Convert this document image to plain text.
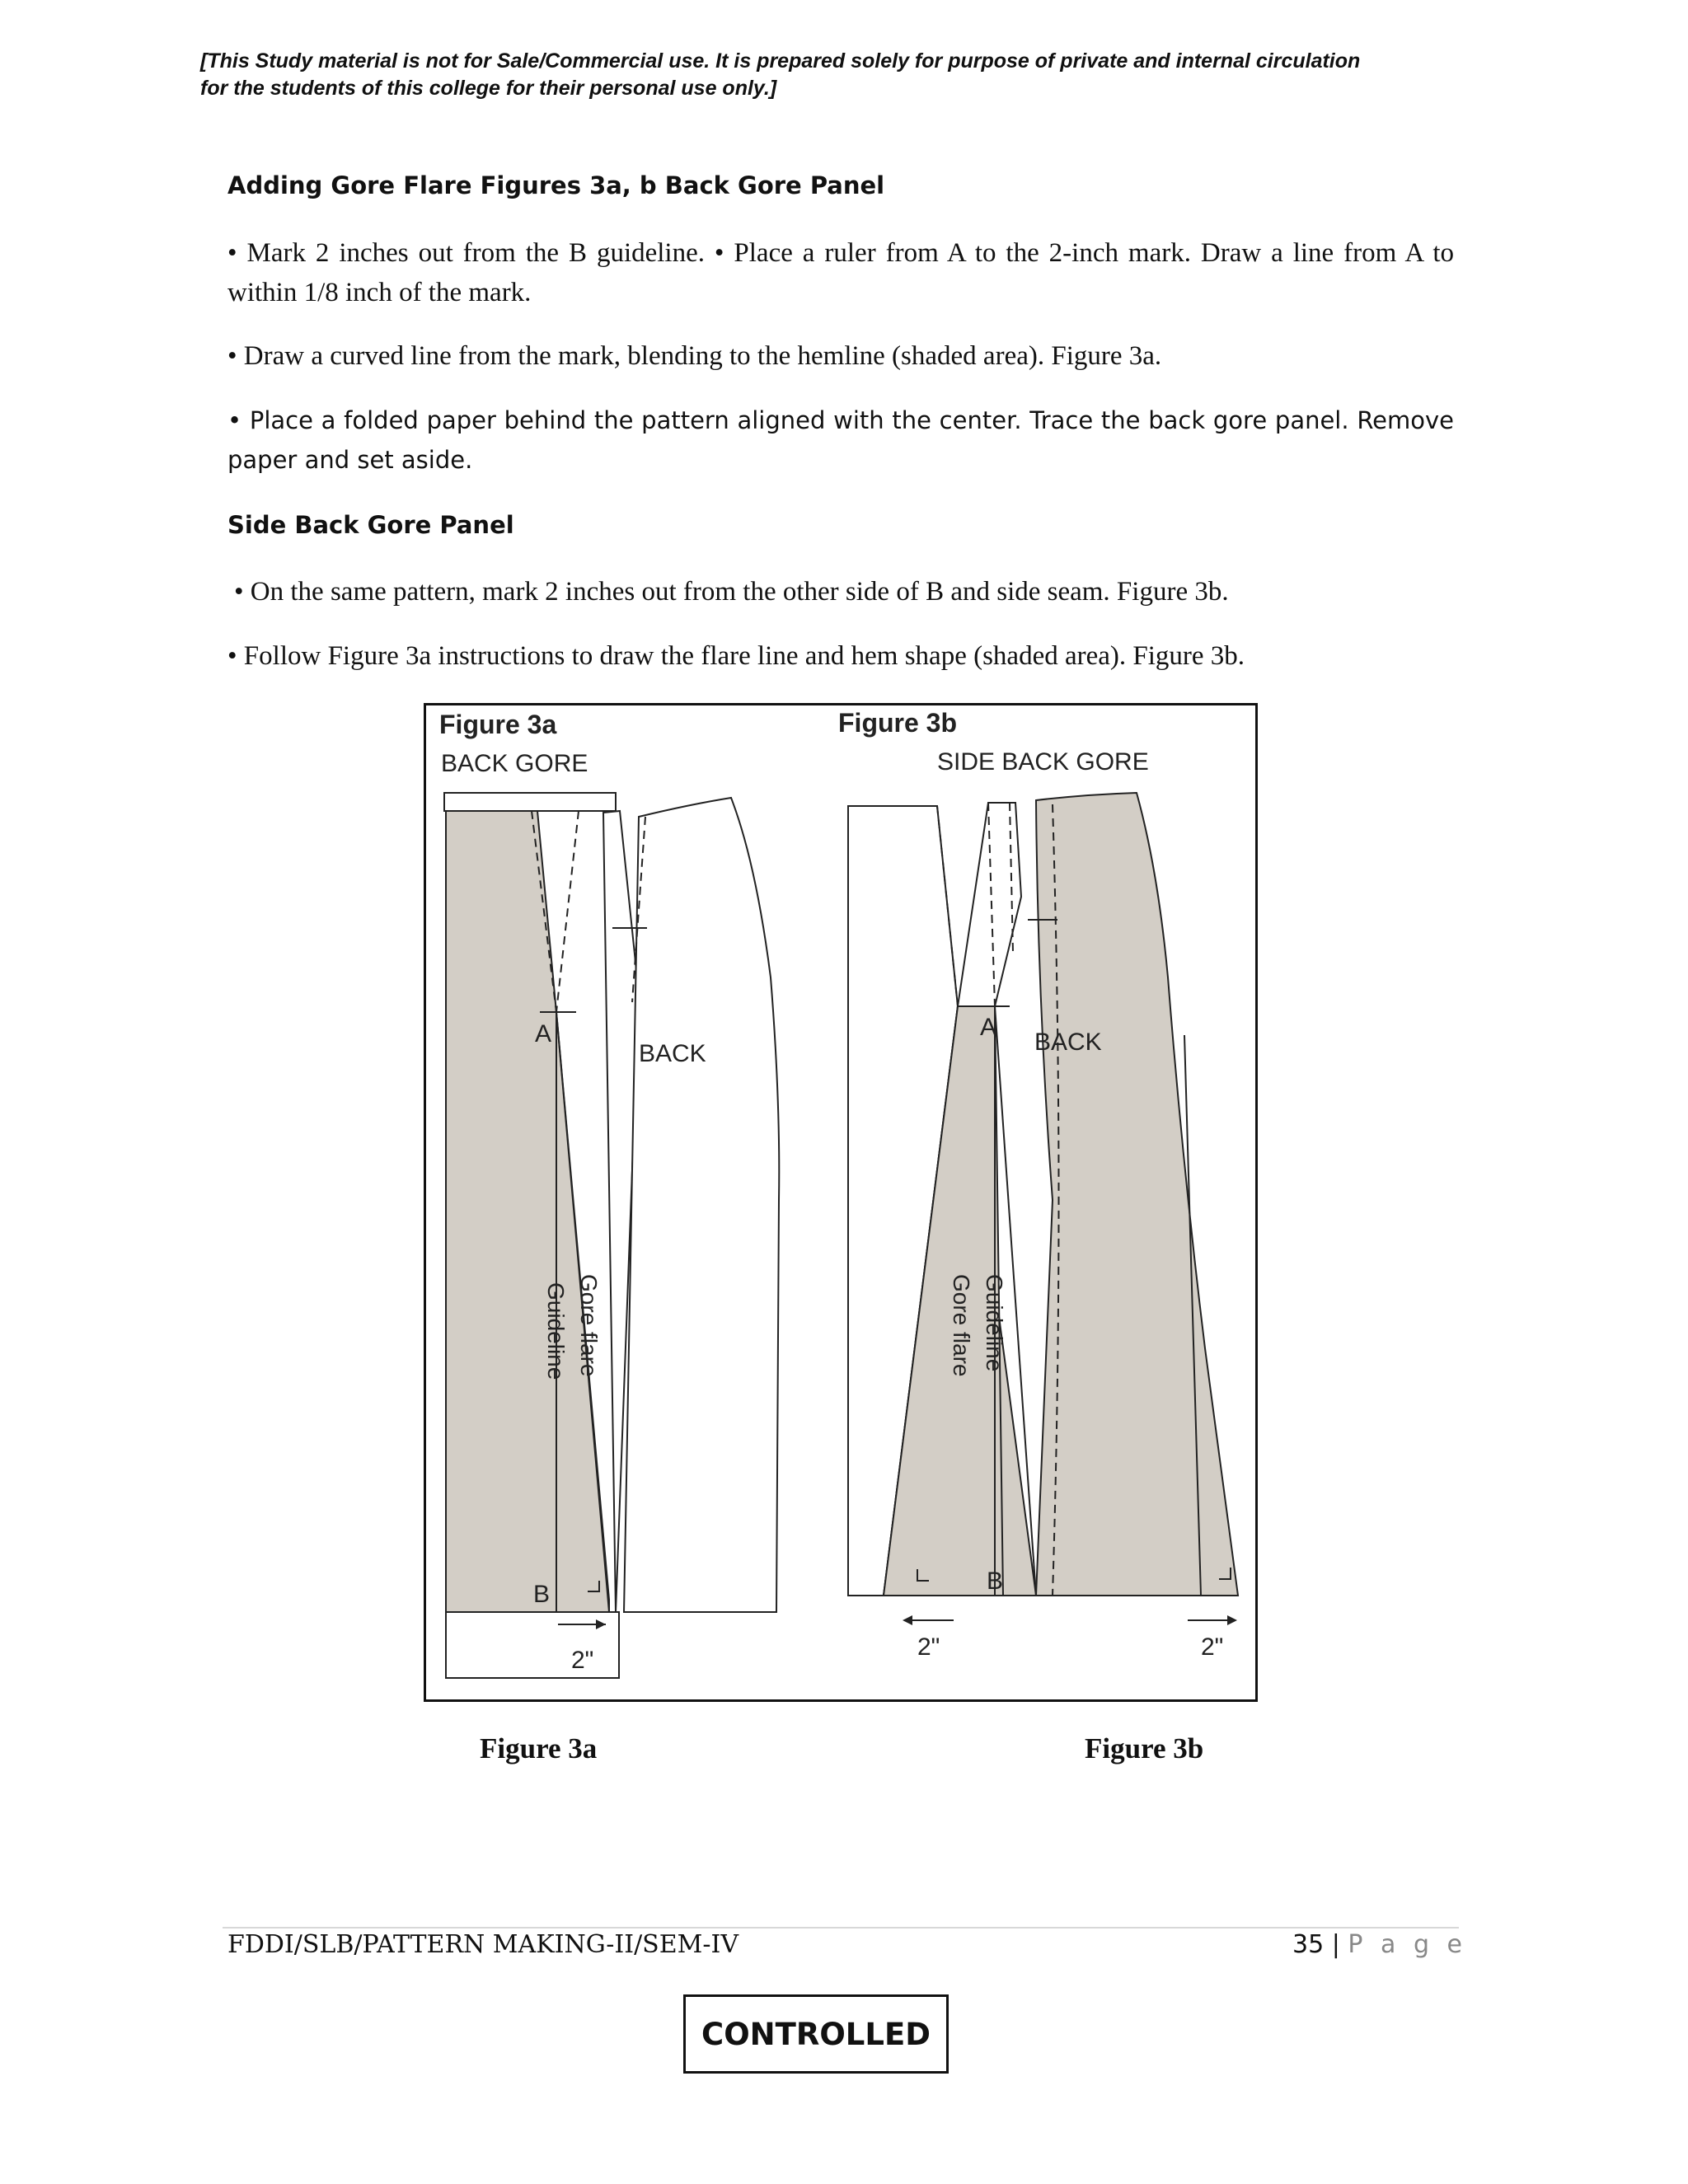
[This Study material is not for Sale/Commercial use. It is prepared solely for purpose of private and internal circulation
for the students of this college for their personal use only.]
Adding Gore Flare Figures 3a, b Back Gore Panel
• Mark 2 inches out from the B guideline. • Place a ruler from A to the 2-inch mark. Draw a line from A to within 1/8 inch of the mark.
• Draw a curved line from the mark, blending to the hemline (shaded area). Figure 3a.
• Place a folded paper behind the pattern aligned with the center. Trace the back gore panel. Remove paper and set aside.
Side Back Gore Panel
• On the same pattern, mark 2 inches out from the other side of B and side seam. Figure 3b.
• Follow Figure 3a instructions to draw the flare line and hem shape (shaded area). Figure 3b.
Figure 3a
BACK GORE
A
BACK
B
Guideline Gore flare
2"
Figure 3b
SIDE BACK GORE
A
BACK
B
Guideline
Gore flare
2"	2"
Figure 3a	Figure 3b
FDDI/SLB/PATTERN MAKING-II/SEM-IV	35 | P a g e
CONTROLLED
